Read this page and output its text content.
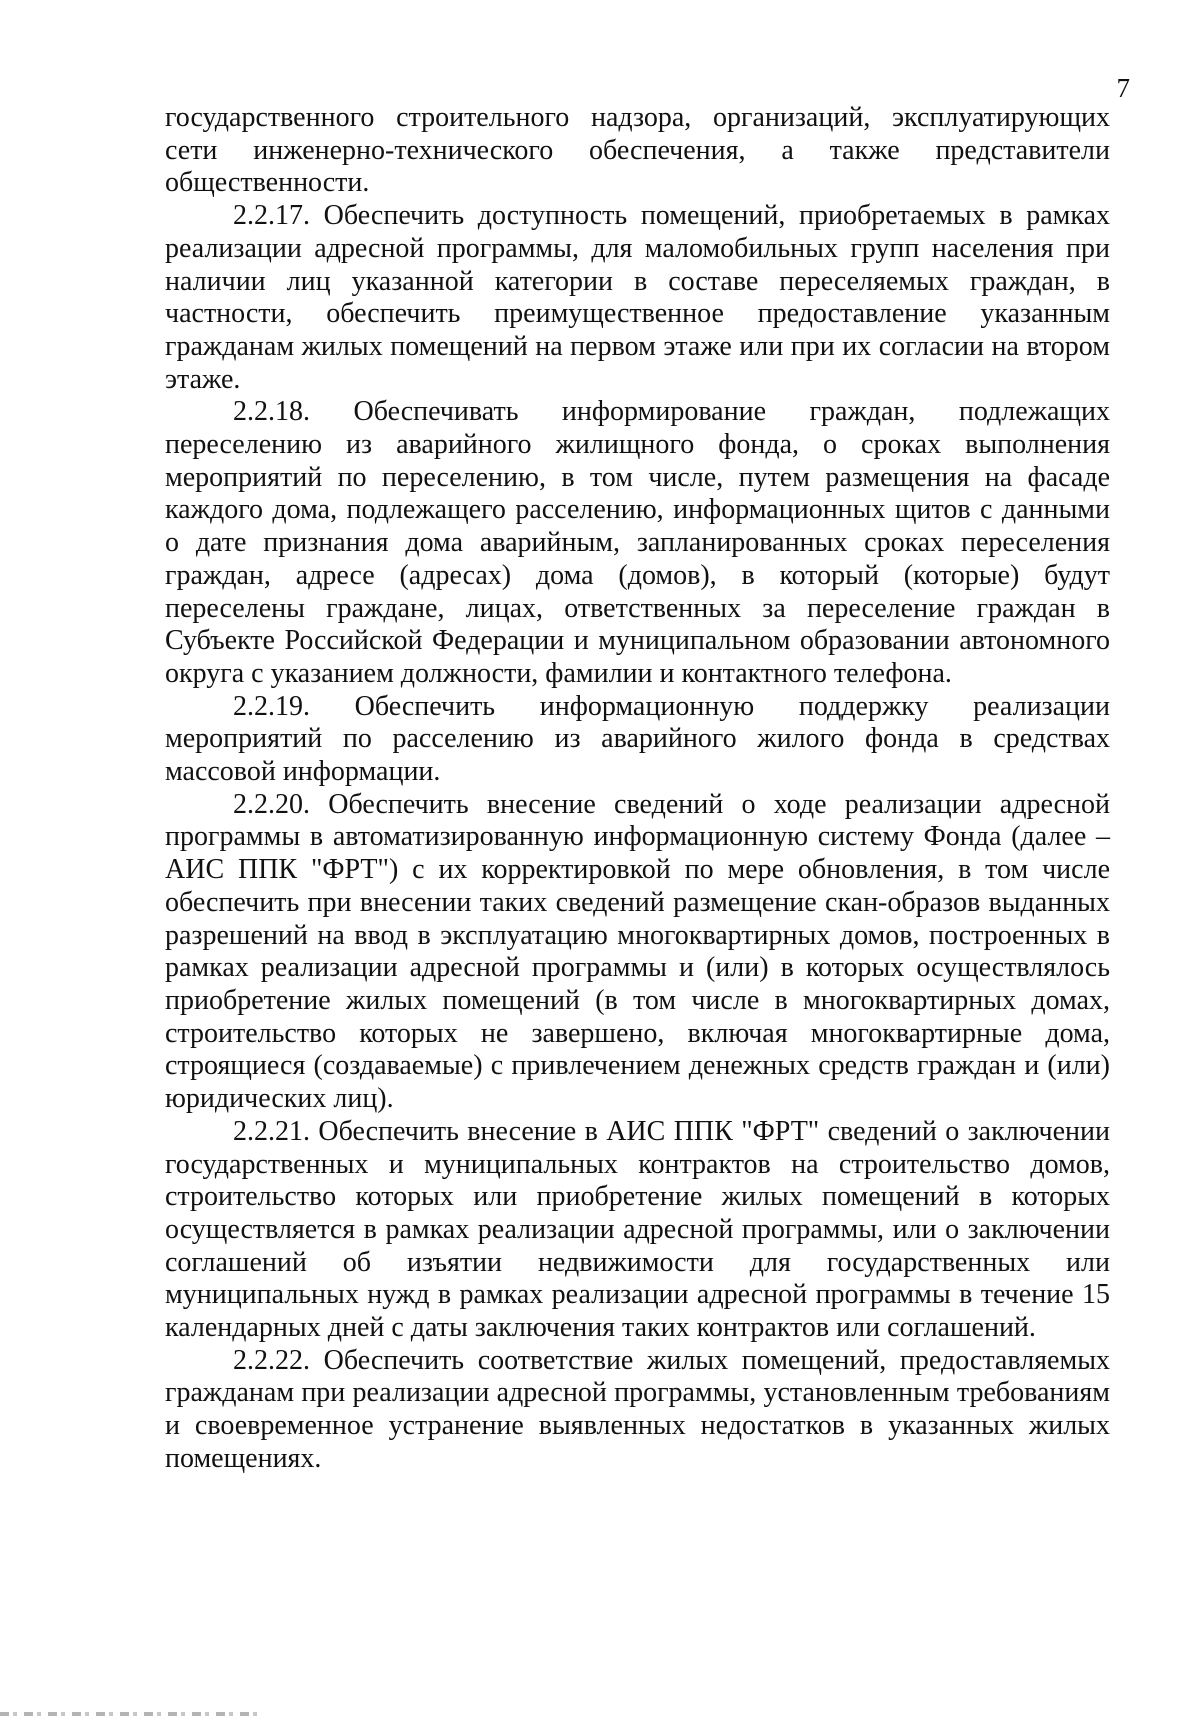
7

государственного строительного надзора, организаций, эксплуатирующих сети инженерно-технического обеспечения, а также представители общественности.

2.2.17. Обеспечить доступность помещений, приобретаемых в рамках реализации адресной программы, для маломобильных групп населения при наличии лиц указанной категории в составе переселяемых граждан, в частности, обеспечить преимущественное предоставление указанным гражданам жилых помещений на первом этаже или при их согласии на втором этаже.

2.2.18. Обеспечивать информирование граждан, подлежащих переселению из аварийного жилищного фонда, о сроках выполнения мероприятий по переселению, в том числе, путем размещения на фасаде каждого дома, подлежащего расселению, информационных щитов с данными о дате признания дома аварийным, запланированных сроках переселения граждан, адресе (адресах) дома (домов), в который (которые) будут переселены граждане, лицах, ответственных за переселение граждан в Субъекте Российской Федерации и муниципальном образовании автономного округа с указанием должности, фамилии и контактного телефона.

2.2.19. Обеспечить информационную поддержку реализации мероприятий по расселению из аварийного жилого фонда в средствах массовой информации.

2.2.20. Обеспечить внесение сведений о ходе реализации адресной программы в автоматизированную информационную систему Фонда (далее – АИС ППК "ФРТ") с их корректировкой по мере обновления, в том числе обеспечить при внесении таких сведений размещение скан-образов выданных разрешений на ввод в эксплуатацию многоквартирных домов, построенных в рамках реализации адресной программы и (или) в которых осуществлялось приобретение жилых помещений (в том числе в многоквартирных домах, строительство которых не завершено, включая многоквартирные дома, строящиеся (создаваемые) с привлечением денежных средств граждан и (или) юридических лиц).

2.2.21. Обеспечить внесение в АИС ППК "ФРТ" сведений о заключении государственных и муниципальных контрактов на строительство домов, строительство которых или приобретение жилых помещений в которых осуществляется в рамках реализации адресной программы, или о заключении соглашений об изъятии недвижимости для государственных или муниципальных нужд в рамках реализации адресной программы в течение 15 календарных дней с даты заключения таких контрактов или соглашений.

2.2.22. Обеспечить соответствие жилых помещений, предоставляемых гражданам при реализации адресной программы, установленным требованиям и своевременное устранение выявленных недостатков в указанных жилых помещениях.
